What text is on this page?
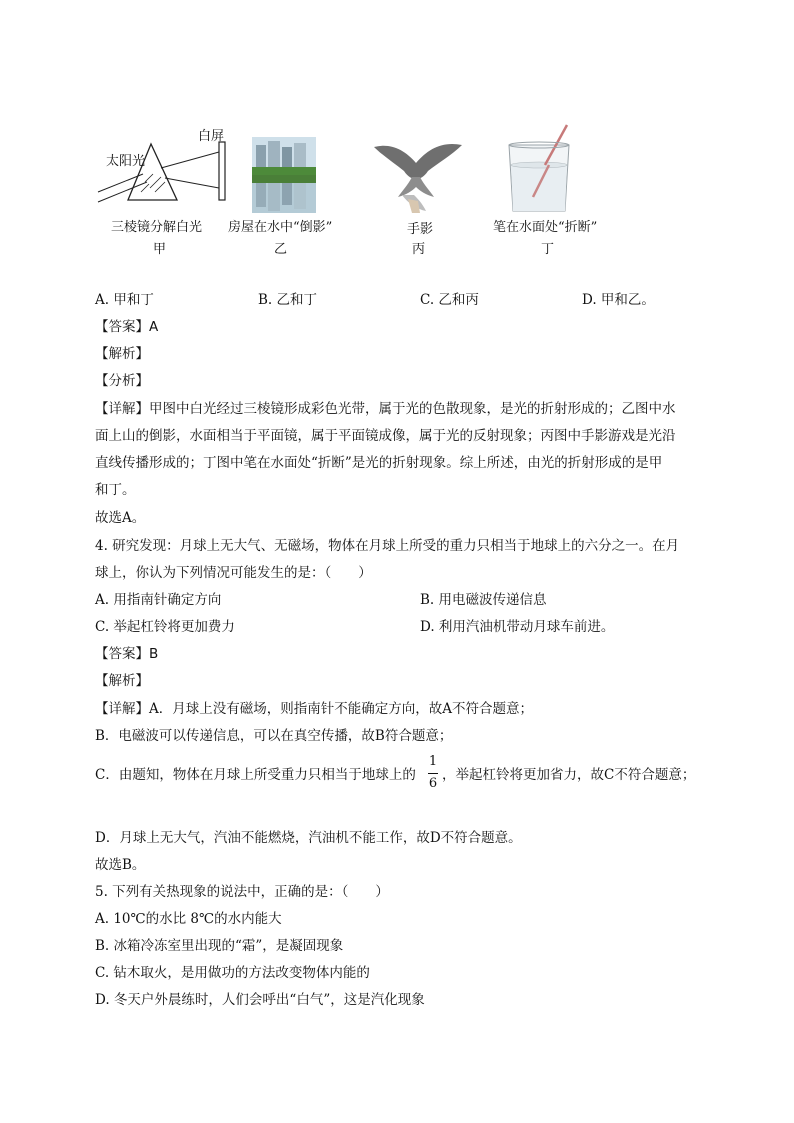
太阳光
白屏
三棱镜分解白光
甲
房屋在水中“倒影”
乙
手影
丙
笔在水面处“折断”
丁
A. 甲和丁	B. 乙和丁	C. 乙和丙	D. 甲和乙。
【答案】A
【解析】
【分析】
【详解】甲图中白光经过三棱镜形成彩色光带，属于光的色散现象，是光的折射形成的；乙图中水
面上山的倒影，水面相当于平面镜，属于平面镜成像，属于光的反射现象；丙图中手影游戏是光沿
直线传播形成的；丁图中笔在水面处“折断”是光的折射现象。综上所述，由光的折射形成的是甲
和丁。
故选A。
4. 研究发现：月球上无大气、无磁场，物体在月球上所受的重力只相当于地球上的六分之一。在月
球上，你认为下列情况可能发生的是：（　　）
A. 用指南针确定方向	B. 用电磁波传递信息
C. 举起杠铃将更加费力	D. 利用汽油机带动月球车前进。
【答案】B
【解析】
【详解】A．月球上没有磁场，则指南针不能确定方向，故A不符合题意；
B．电磁波可以传递信息，可以在真空传播，故B符合题意；
C．由题知，物体在月球上所受重力只相当于地球上的
1
6
，举起杠铃将更加省力，故C不符合题意；
D．月球上无大气，汽油不能燃烧，汽油机不能工作，故D不符合题意。
故选B。
5. 下列有关热现象的说法中，正确的是：（　　）
A. 10℃的水比 8℃的水内能大
B. 冰箱冷冻室里出现的“霜”，是凝固现象
C. 钻木取火，是用做功的方法改变物体内能的
D. 冬天户外晨练时，人们会呼出“白气”，这是汽化现象
